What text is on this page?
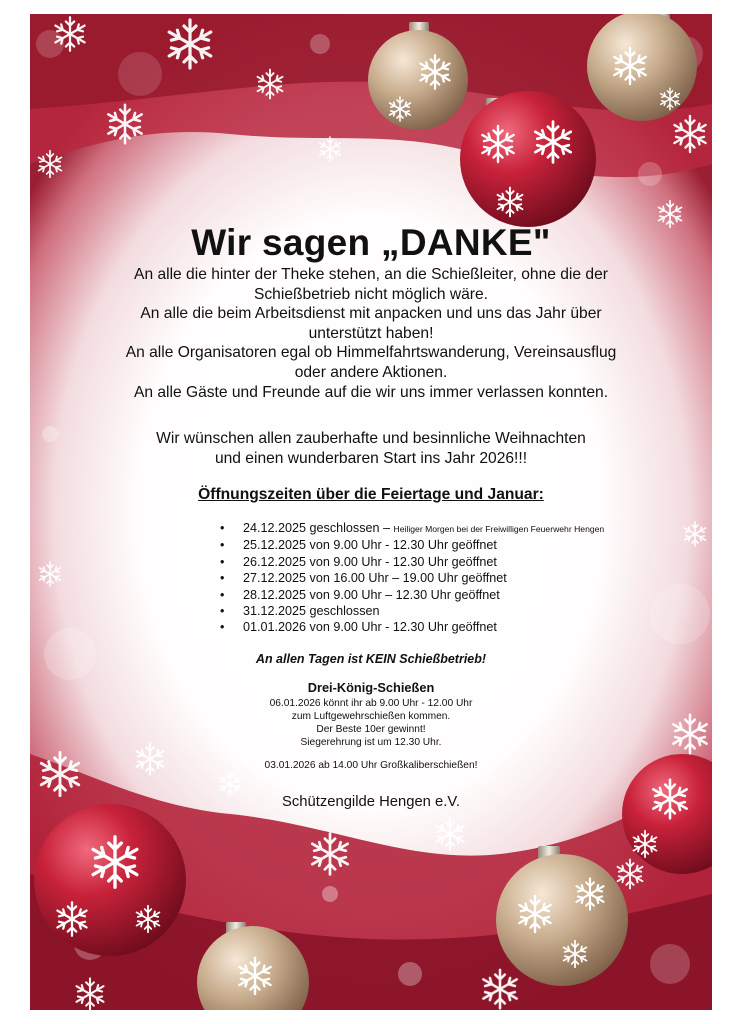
Wir sagen „DANKE"
An alle die hinter der Theke stehen, an die Schießleiter, ohne die der
Schießbetrieb nicht möglich wäre.
An alle die beim Arbeitsdienst mit anpacken und uns das Jahr über
unterstützt haben!
An alle Organisatoren egal ob Himmelfahrtswanderung, Vereinsausflug
oder andere Aktionen.
An alle Gäste und Freunde auf die wir uns immer verlassen konnten.
Wir wünschen allen zauberhafte und besinnliche Weihnachten
und einen wunderbaren Start ins Jahr 2026!!!
Öffnungszeiten über die Feiertage und Januar:
• 24.12.2025 geschlossen – Heiliger Morgen bei der Freiwilligen Feuerwehr Hengen
• 25.12.2025 von 9.00 Uhr - 12.30 Uhr geöffnet
• 26.12.2025 von 9.00 Uhr - 12.30 Uhr geöffnet
• 27.12.2025 von 16.00 Uhr – 19.00 Uhr geöffnet
• 28.12.2025 von 9.00 Uhr – 12.30 Uhr geöffnet
• 31.12.2025 geschlossen
• 01.01.2026 von 9.00 Uhr - 12.30 Uhr geöffnet
An allen Tagen ist KEIN Schießbetrieb!
Drei-König-Schießen
06.01.2026 könnt ihr ab 9.00 Uhr - 12.00 Uhr
zum Luftgewehrschießen kommen.
Der Beste 10er gewinnt!
Siegerehrung ist um 12.30 Uhr.
03.01.2026 ab 14.00 Uhr Großkaliberschießen!
Schützengilde Hengen e.V.
